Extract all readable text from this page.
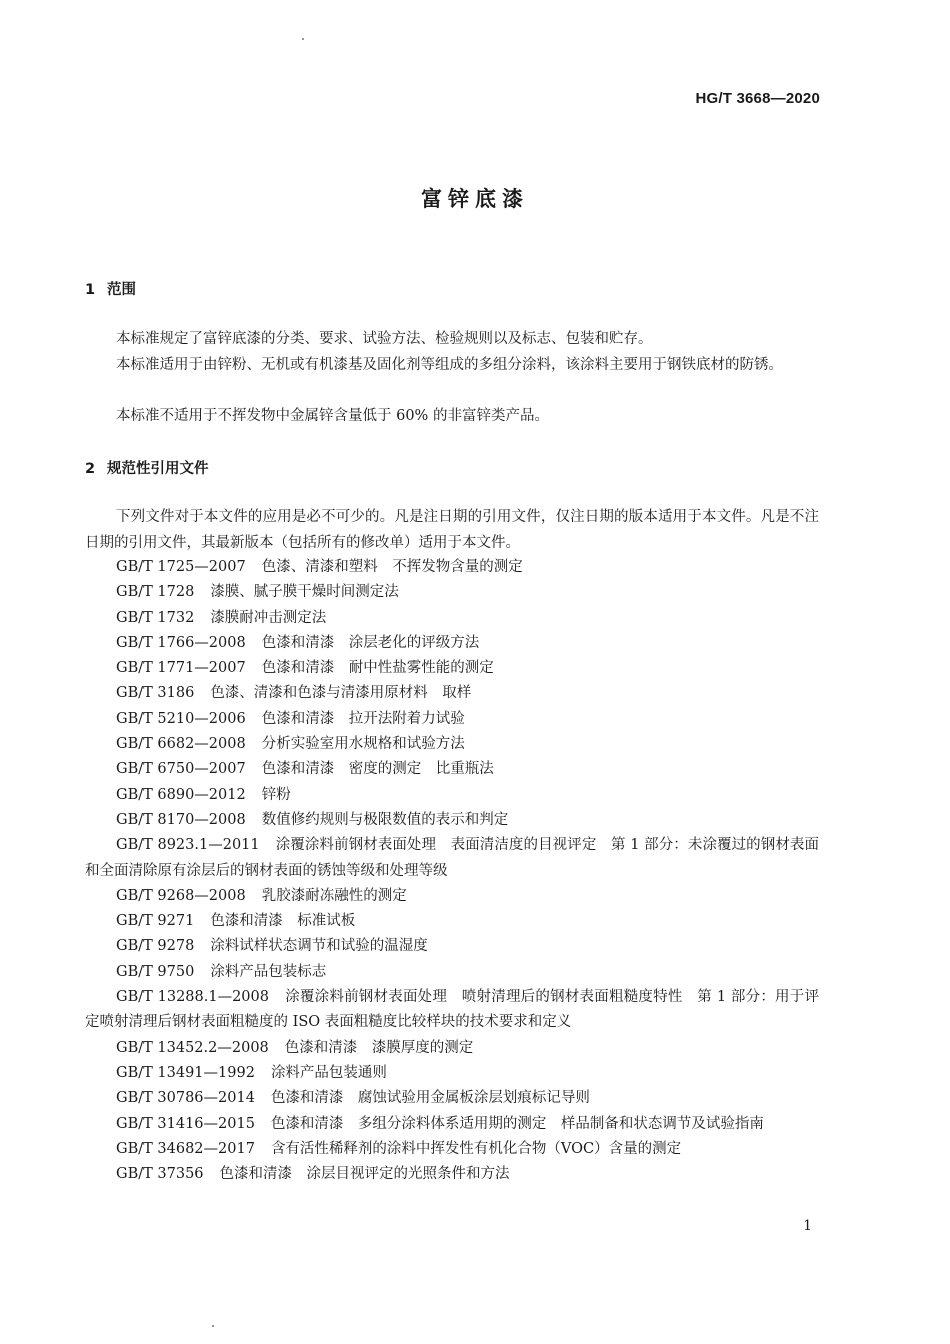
HG/T 3668—2020
富锌底漆
1 范围

本标准规定了富锌底漆的分类、要求、试验方法、检验规则以及标志、包装和贮存。

本标准适用于由锌粉、无机或有机漆基及固化剂等组成的多组分涂料，该涂料主要用于钢铁底材的防锈。

本标准不适用于不挥发物中金属锌含量低于 60% 的非富锌类产品。

2 规范性引用文件

下列文件对于本文件的应用是必不可少的。凡是注日期的引用文件，仅注日期的版本适用于本文件。凡是不注日期的引用文件，其最新版本（包括所有的修改单）适用于本文件。

GB/T 1725—2007 色漆、清漆和塑料　不挥发物含量的测定
GB/T 1728 漆膜、腻子膜干燥时间测定法
GB/T 1732 漆膜耐冲击测定法
GB/T 1766—2008 色漆和清漆　涂层老化的评级方法
GB/T 1771—2007 色漆和清漆　耐中性盐雾性能的测定
GB/T 3186 色漆、清漆和色漆与清漆用原材料　取样
GB/T 5210—2006 色漆和清漆　拉开法附着力试验
GB/T 6682—2008 分析实验室用水规格和试验方法
GB/T 6750—2007 色漆和清漆　密度的测定　比重瓶法
GB/T 6890—2012 锌粉
GB/T 8170—2008 数值修约规则与极限数值的表示和判定
GB/T 8923.1—2011 涂覆涂料前钢材表面处理　表面清洁度的目视评定　第 1 部分：未涂覆过的钢材表面和全面清除原有涂层后的钢材表面的锈蚀等级和处理等级
GB/T 9268—2008 乳胶漆耐冻融性的测定
GB/T 9271 色漆和清漆　标准试板
GB/T 9278 涂料试样状态调节和试验的温湿度
GB/T 9750 涂料产品包装标志
GB/T 13288.1—2008 涂覆涂料前钢材表面处理　喷射清理后的钢材表面粗糙度特性　第 1 部分：用于评定喷射清理后钢材表面粗糙度的 ISO 表面粗糙度比较样块的技术要求和定义
GB/T 13452.2—2008 色漆和清漆　漆膜厚度的测定
GB/T 13491—1992 涂料产品包装通则
GB/T 30786—2014 色漆和清漆　腐蚀试验用金属板涂层划痕标记导则
GB/T 31416—2015 色漆和清漆　多组分涂料体系适用期的测定　样品制备和状态调节及试验指南
GB/T 34682—2017 含有活性稀释剂的涂料中挥发性有机化合物（VOC）含量的测定
GB/T 37356 色漆和清漆　涂层目视评定的光照条件和方法
1
